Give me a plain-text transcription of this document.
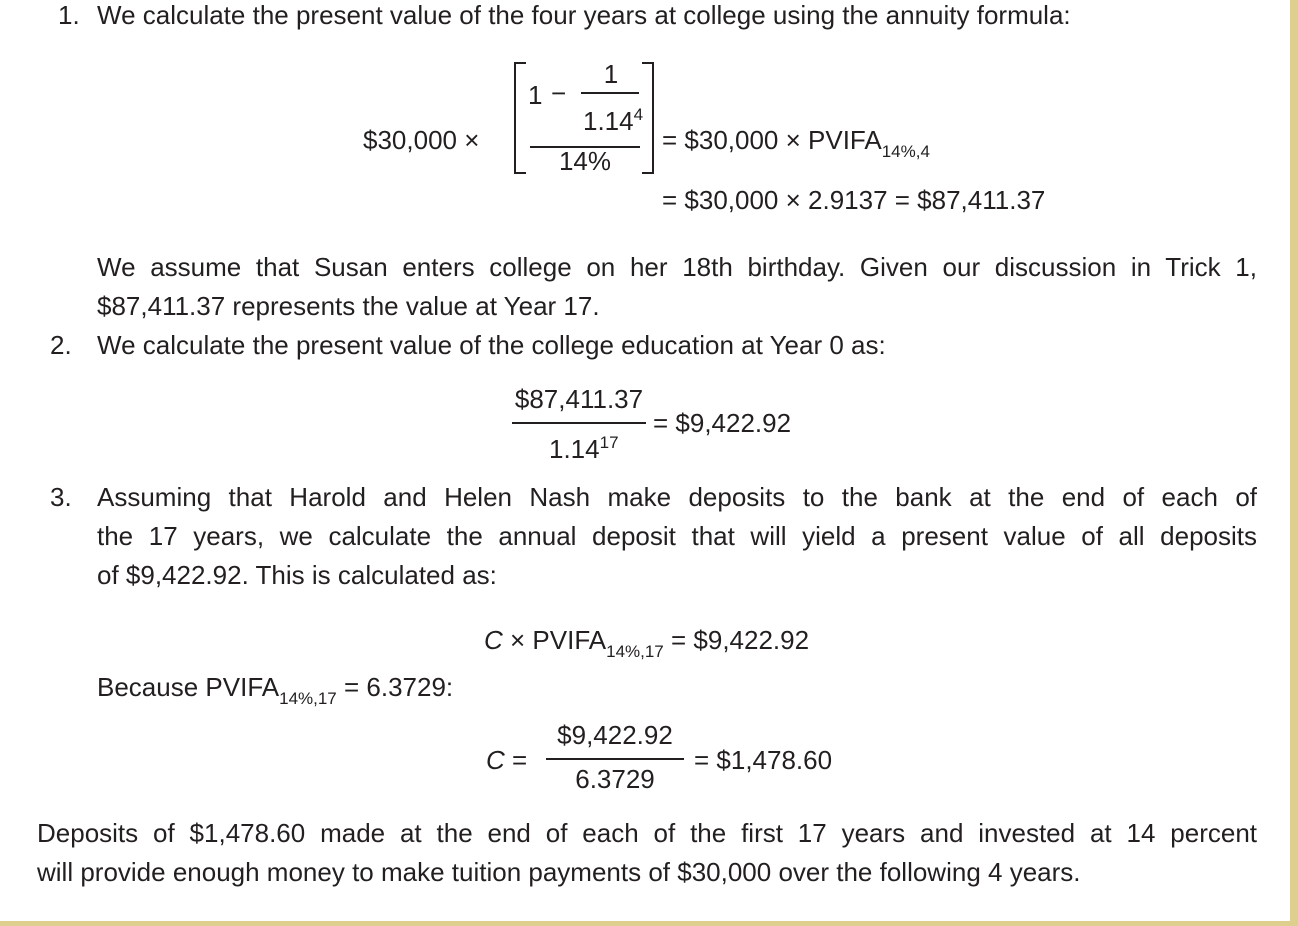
1. We calculate the present value of the four years at college using the annuity formula:
$30,000 ×
1 −
1
1.14$^4$
14%
= $30,000 × $PVIFA_{14\%,4}$
= $30,000 × 2.9137 = $87,411.37
We assume that Susan enters college on her 18th birthday. Given our discussion in Trick 1,
$87,411.37 represents the value at Year 17.
2. We calculate the present value of the college education at Year 0 as:
$87,411.37
$1.14^{17}$
= $9,422.92
3. Assuming that Harold and Helen Nash make deposits to the bank at the end of each of
the 17 years, we calculate the annual deposit that will yield a present value of all deposits
of $9,422.92. This is calculated as:
$C \times PVIFA_{14\%,17}$ = $9,422.92
Because $PVIFA_{14\%,17} = 6.3729$:
C =
$9,422.92
6.3729
= $1,478.60
Deposits of $1,478.60 made at the end of each of the first 17 years and invested at 14 percent
will provide enough money to make tuition payments of $30,000 over the following 4 years.
